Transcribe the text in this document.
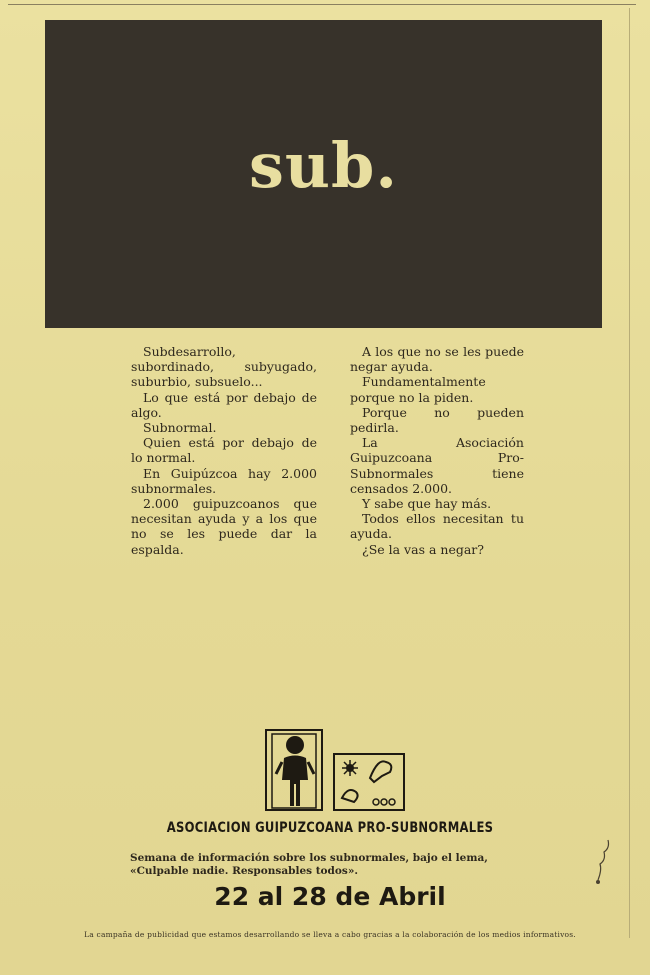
sub.

Subdesarrollo, subordinado, subyugado, suburbio, subsuelo...

Lo que está por debajo de algo.

Subnormal.

Quien está por debajo de lo normal.

En Guipúzcoa hay 2.000 subnormales.

2.000 guipuzcoanos que necesitan ayuda y a los que no se les puede dar la espalda.

A los que no se les puede negar ayuda.

Fundamentalmente porque no la piden.

Porque no pueden pedirla.

La Asociación Guipuzcoana Pro-Subnormales tiene censados 2.000.

Y sabe que hay más.

Todos ellos necesitan tu ayuda.

¿Se la vas a negar?

ASOCIACION GUIPUZCOANA PRO-SUBNORMALES
Semana de información sobre los subnormales, bajo el lema, «Culpable nadie. Responsables todos».
22 al 28 de Abril
La campaña de publicidad que estamos desarrollando se lleva a cabo gracias a la colaboración de los medios informativos.
